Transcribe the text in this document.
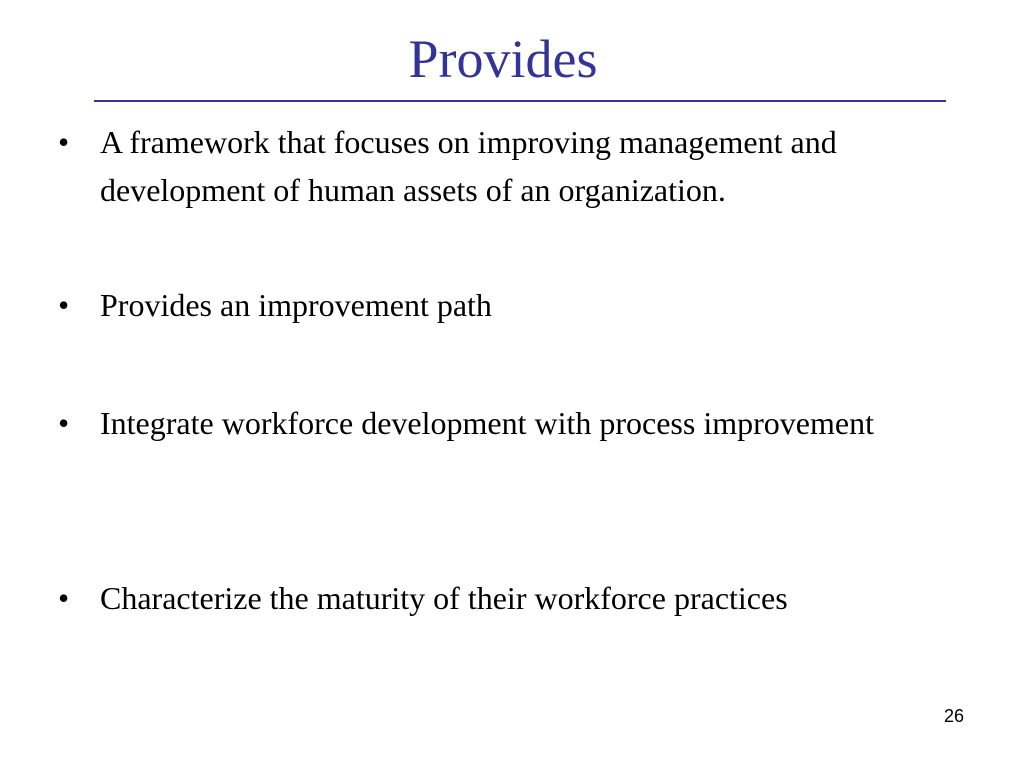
Provides
• A framework that focuses on improving management and development of human assets of an organization.
• Provides an improvement path
• Integrate workforce development with process improvement
• Characterize the maturity of their workforce practices
26
